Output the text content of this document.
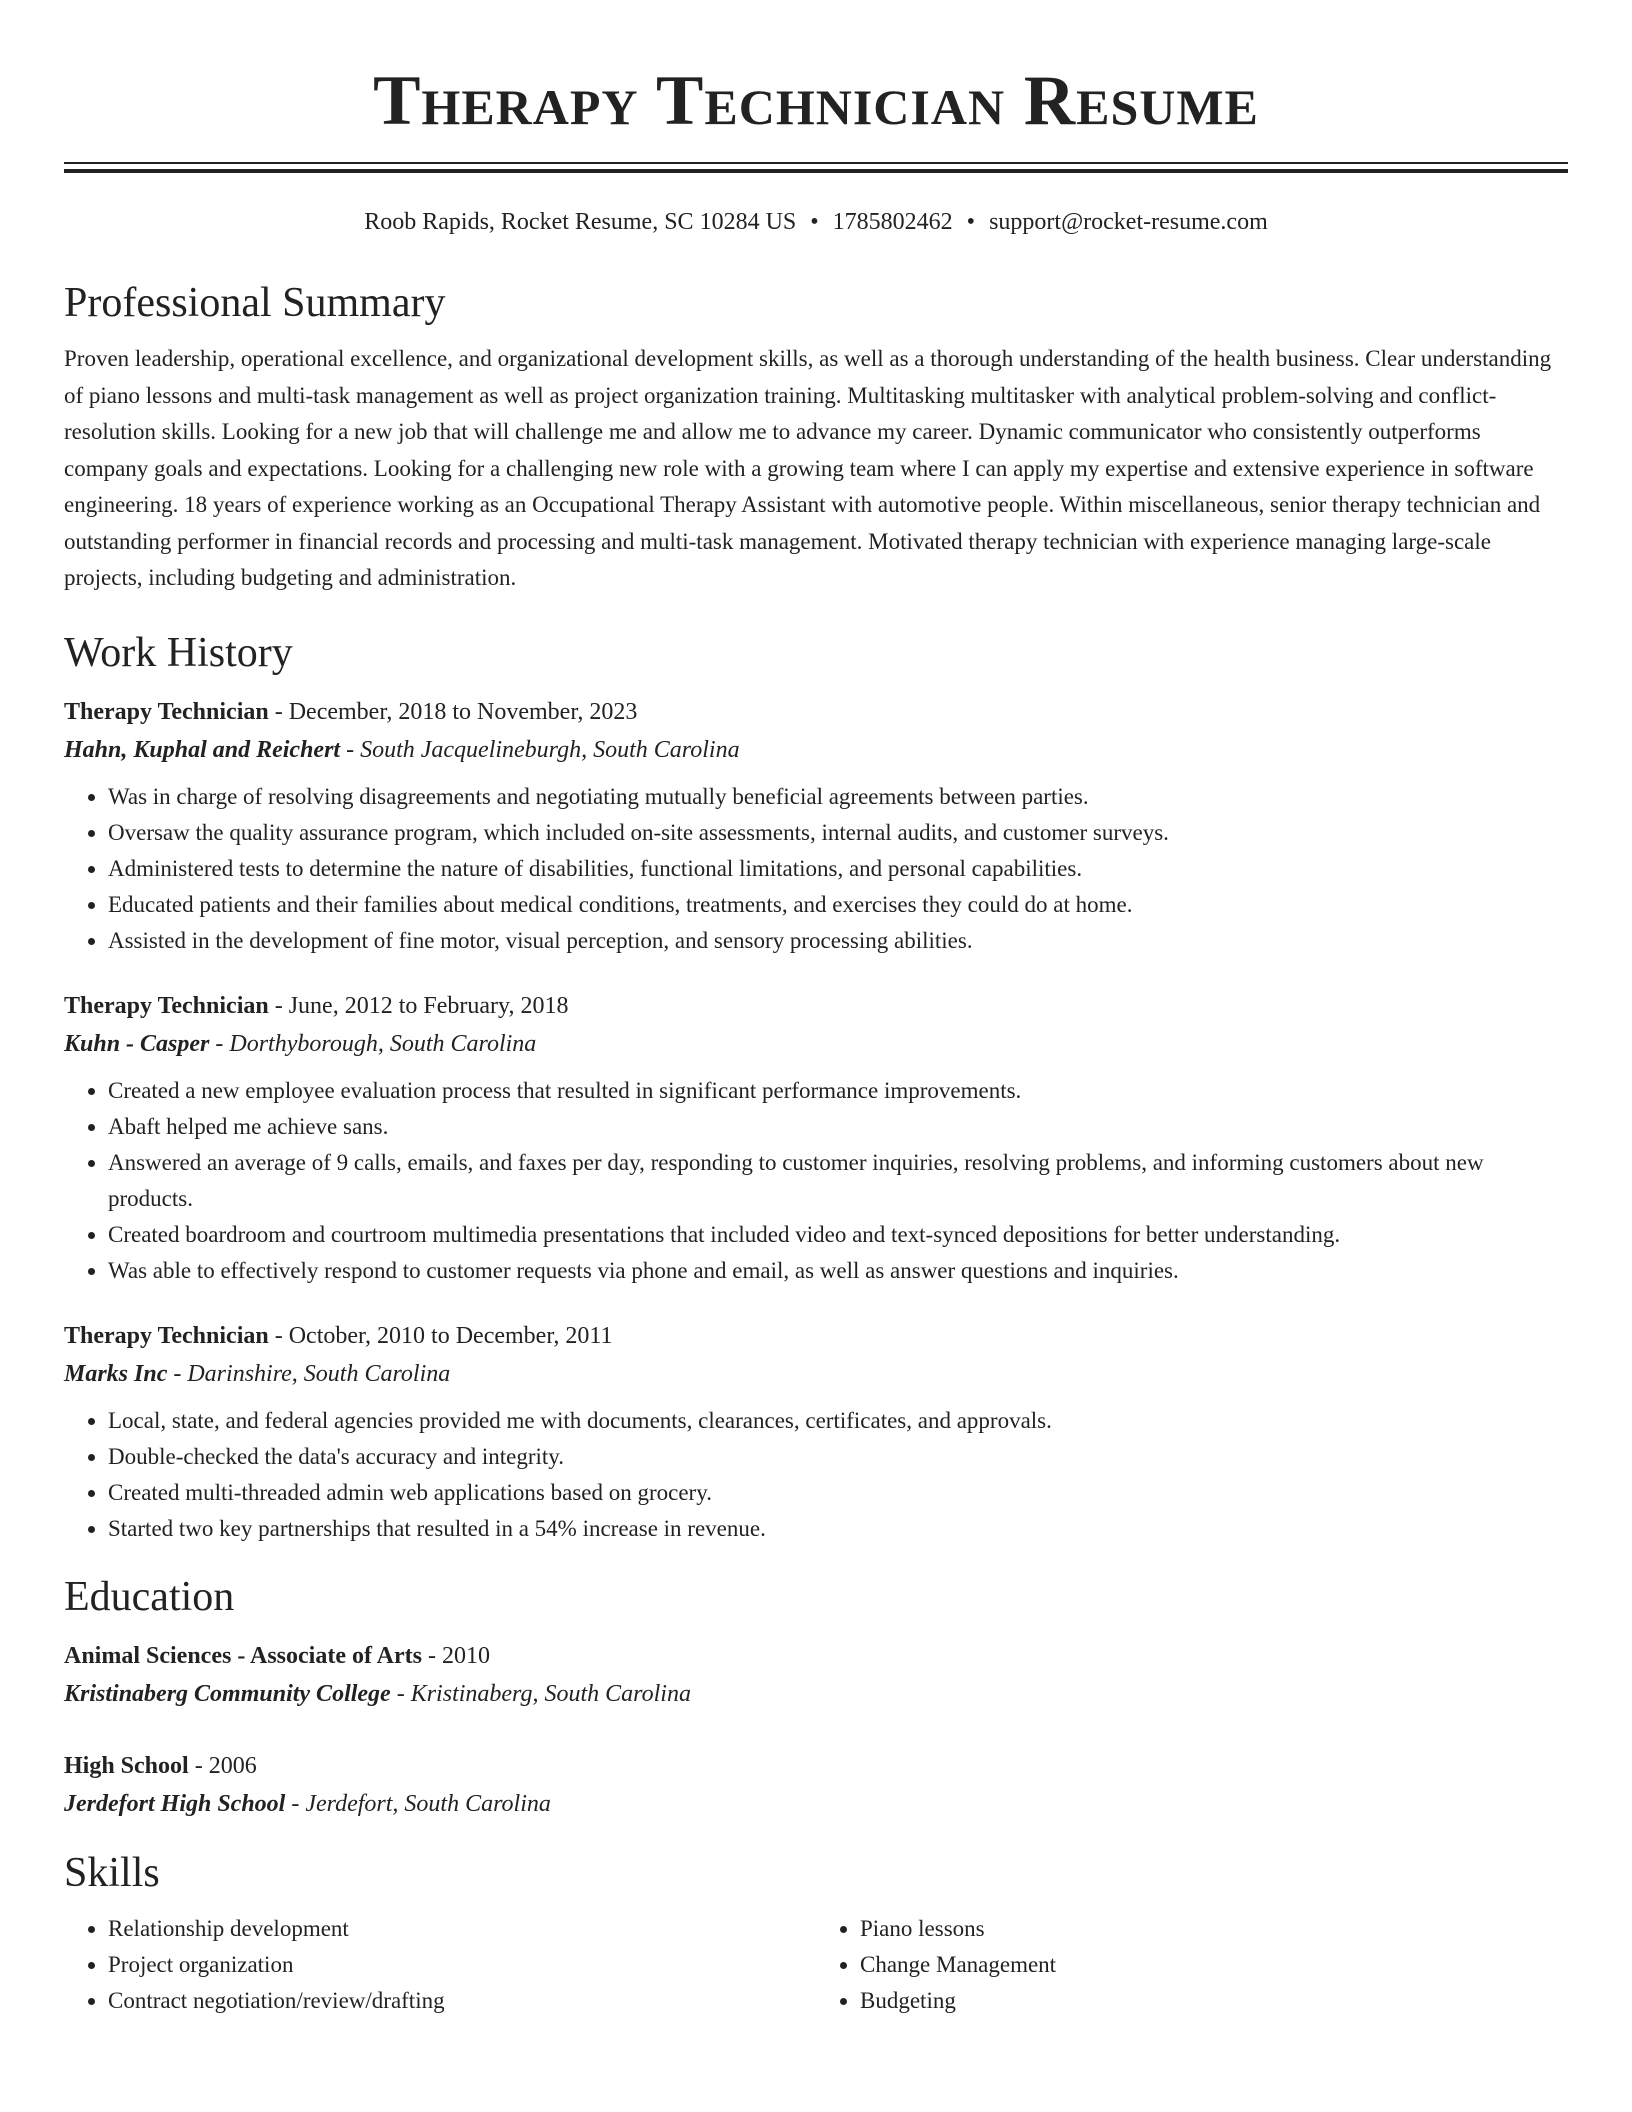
Therapy Technician Resume
Roob Rapids, Rocket Resume, SC 10284 US • 1785802462 • support@rocket-resume.com
Professional Summary

Proven leadership, operational excellence, and organizational development skills, as well as a thorough understanding of the health business. Clear understanding of piano lessons and multi-task management as well as project organization training. Multitasking multitasker with analytical problem-solving and conflict-resolution skills. Looking for a new job that will challenge me and allow me to advance my career. Dynamic communicator who consistently outperforms company goals and expectations. Looking for a challenging new role with a growing team where I can apply my expertise and extensive experience in software engineering. 18 years of experience working as an Occupational Therapy Assistant with automotive people. Within miscellaneous, senior therapy technician and outstanding performer in financial records and processing and multi-task management. Motivated therapy technician with experience managing large-scale projects, including budgeting and administration.

Work History
Therapy Technician - December, 2018 to November, 2023
Hahn, Kuphal and Reichert - South Jacquelineburgh, South Carolina
• Was in charge of resolving disagreements and negotiating mutually beneficial agreements between parties.
• Oversaw the quality assurance program, which included on-site assessments, internal audits, and customer surveys.
• Administered tests to determine the nature of disabilities, functional limitations, and personal capabilities.
• Educated patients and their families about medical conditions, treatments, and exercises they could do at home.
• Assisted in the development of fine motor, visual perception, and sensory processing abilities.
Therapy Technician - June, 2012 to February, 2018
Kuhn - Casper - Dorthyborough, South Carolina
• Created a new employee evaluation process that resulted in significant performance improvements.
• Abaft helped me achieve sans.
• Answered an average of 9 calls, emails, and faxes per day, responding to customer inquiries, resolving problems, and informing customers about new products.
• Created boardroom and courtroom multimedia presentations that included video and text-synced depositions for better understanding.
• Was able to effectively respond to customer requests via phone and email, as well as answer questions and inquiries.
Therapy Technician - October, 2010 to December, 2011
Marks Inc - Darinshire, South Carolina
• Local, state, and federal agencies provided me with documents, clearances, certificates, and approvals.
• Double-checked the data's accuracy and integrity.
• Created multi-threaded admin web applications based on grocery.
• Started two key partnerships that resulted in a 54% increase in revenue.
Education
Animal Sciences - Associate of Arts - 2010
Kristinaberg Community College - Kristinaberg, South Carolina
High School - 2006
Jerdefort High School - Jerdefort, South Carolina
Skills
• Relationship development
• Project organization
• Contract negotiation/review/drafting
• Piano lessons
• Change Management
• Budgeting
